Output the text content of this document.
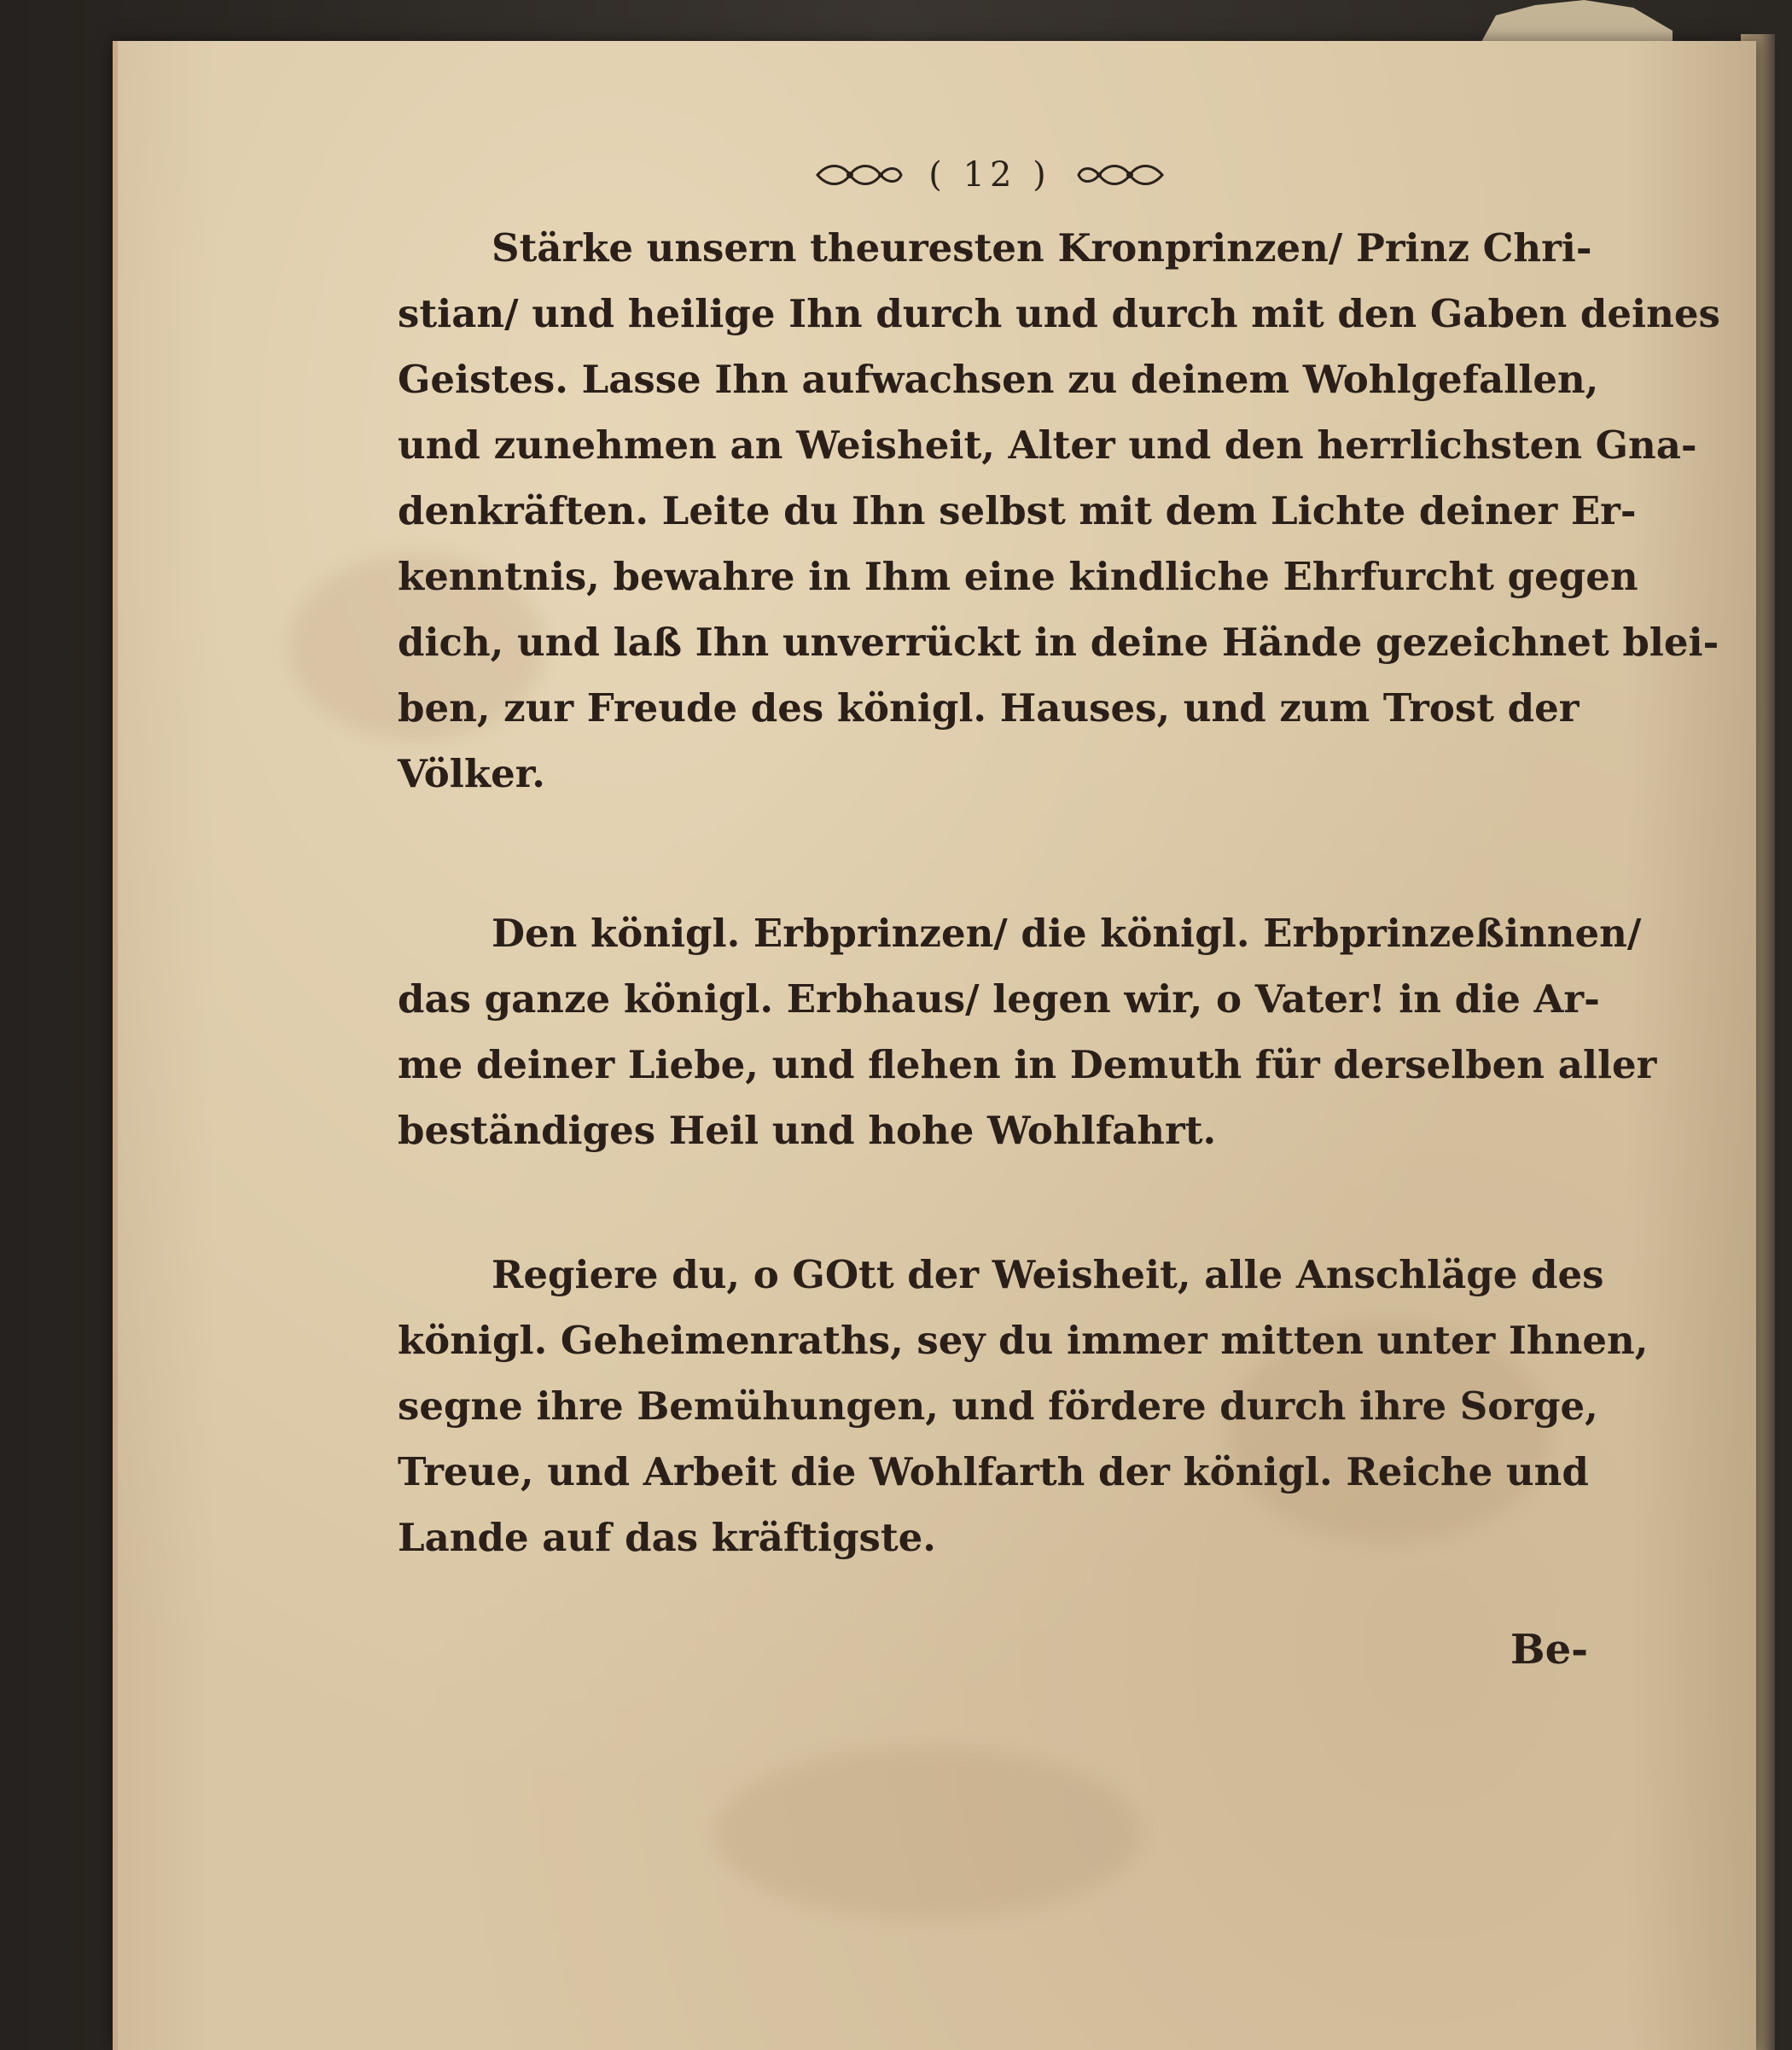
( 12 )
Stärke unsern theuresten Kronprinzen/ Prinz Chri-
stian/ und heilige Ihn durch und durch mit den Gaben deines
Geistes. Lasse Ihn aufwachsen zu deinem Wohlgefallen,
und zunehmen an Weisheit, Alter und den herrlichsten Gna-
denkräften. Leite du Ihn selbst mit dem Lichte deiner Er-
kenntnis, bewahre in Ihm eine kindliche Ehrfurcht gegen
dich, und laß Ihn unverrückt in deine Hände gezeichnet blei-
ben, zur Freude des königl. Hauses, und zum Trost der
Völker.
Den königl. Erbprinzen/ die königl. Erbprinzeßinnen/
das ganze königl. Erbhaus/ legen wir, o Vater! in die Ar-
me deiner Liebe, und flehen in Demuth für derselben aller
beständiges Heil und hohe Wohlfahrt.
Regiere du, o GOtt der Weisheit, alle Anschläge des
königl. Geheimenraths, sey du immer mitten unter Ihnen,
segne ihre Bemühungen, und fördere durch ihre Sorge,
Treue, und Arbeit die Wohlfarth der königl. Reiche und
Lande auf das kräftigste.
Be-
